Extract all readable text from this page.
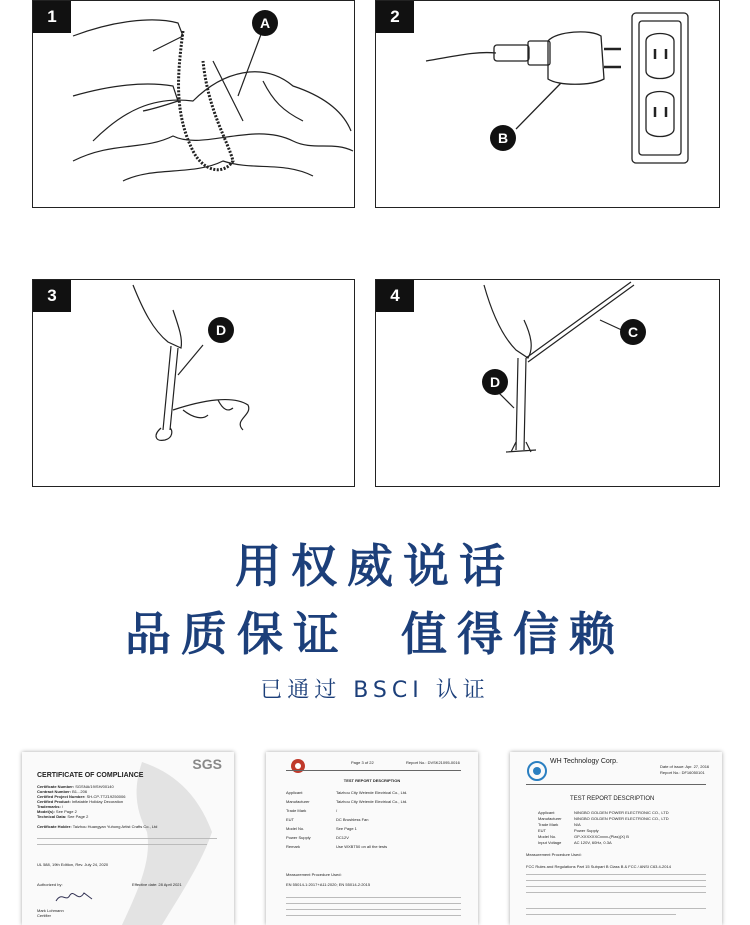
A
1
B
2
D
3
C
D
4
用权威说话
品质保证  值得信赖
已通过 BSCI 认证
SGS
CERTIFICATE OF COMPLIANCE
Certificate Number: SGSNA/19/SH/00140
Contract Number: B1...206
Certified Project Number: SH-CP-TTZ19250006
Certified Product: Inflatable Holiday Decoration
Trademarks: /
Model(s): See Page 2
Technical Data: See Page 2
Certificate Holder: Taizhou Huangyan Yuhong Artist Crafts Co., Ltd
UL 588, 19th Edition, Rev. July 24, 2020
Authorized by:	Effective date: 28 April 2021
Mark Lohmann
Certifier
Page 3 of 22	Report No.: DVSK21095-0016
TEST REPORT DESCRIPTION
Applicant	Taizhou City Weierde Electrical Co., Ltd.
Manufacturer	Taizhou City Weierde Electrical Co., Ltd.
Trade Mark	/
EUT	DC Brushless Fan
Model No.	See Page 1
Power Supply	DC12V
Remark	Use WXBT50 on all the tests
Measurement Procedure Used:
EN 55014-1:2017+A11:2020; EN 55014-2:2015
WH Technology Corp.
Date of issue: Apr. 27, 2016
Report No.: DF16050101
TEST REPORT DESCRIPTION
Applicant	NINGBO GOLDEN POWER ELECTRONIC CO., LTD
Manufacturer	NINGBO GOLDEN POWER ELECTRONIC CO., LTD
Trade Mark	N/A
EUT	Power Supply
Model No.	GP-XXXXXXCxxxx-(Plas)(X) B
Input Voltage	AC 120V, 60Hz, 0.3A
Measurement Procedure Used:
FCC Rules and Regulations Part 15 Subpart B Class B & FCC / ANSI C63.4-2014
